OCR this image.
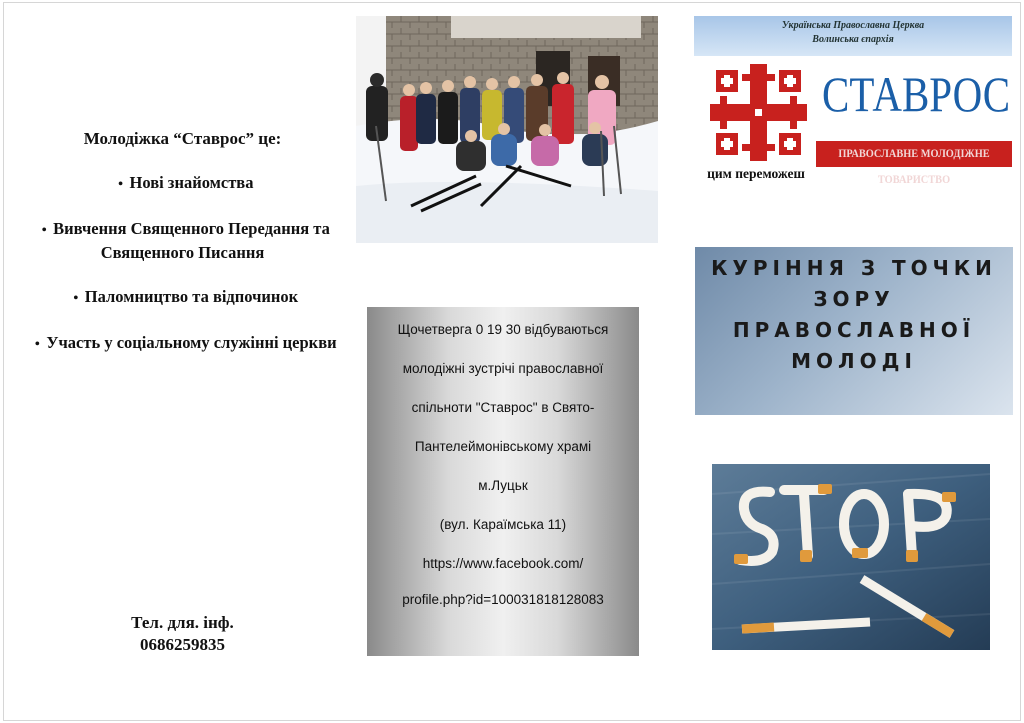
Молодіжка “Ставрос” це:
• Нові знайомства
• Вивчення Священного Передання та Священного Писання
• Паломництво та відпочинок
• Участь у соціальному служінні церкви
Тел. для. інф.
0686259835
Щочетверга 0 19 30 відбуваються
молодіжні зустрічі православної
спільноти "Ставрос" в Свято-
Пантелеймонівському храмі
м.Луцьк
(вул. Караїмська 11)
https://www.facebook.com/
profile.php?id=100031818128083
Українська Православна Церква
Волинська єпархія
СТАВРОС
ПРАВОСЛАВНЕ МОЛОДІЖНЕ ТОВАРИСТВО
цим переможеш
КУРІННЯ З ТОЧКИ
ЗОРУ
ПРАВОСЛАВНОЇ
МОЛОДІ
